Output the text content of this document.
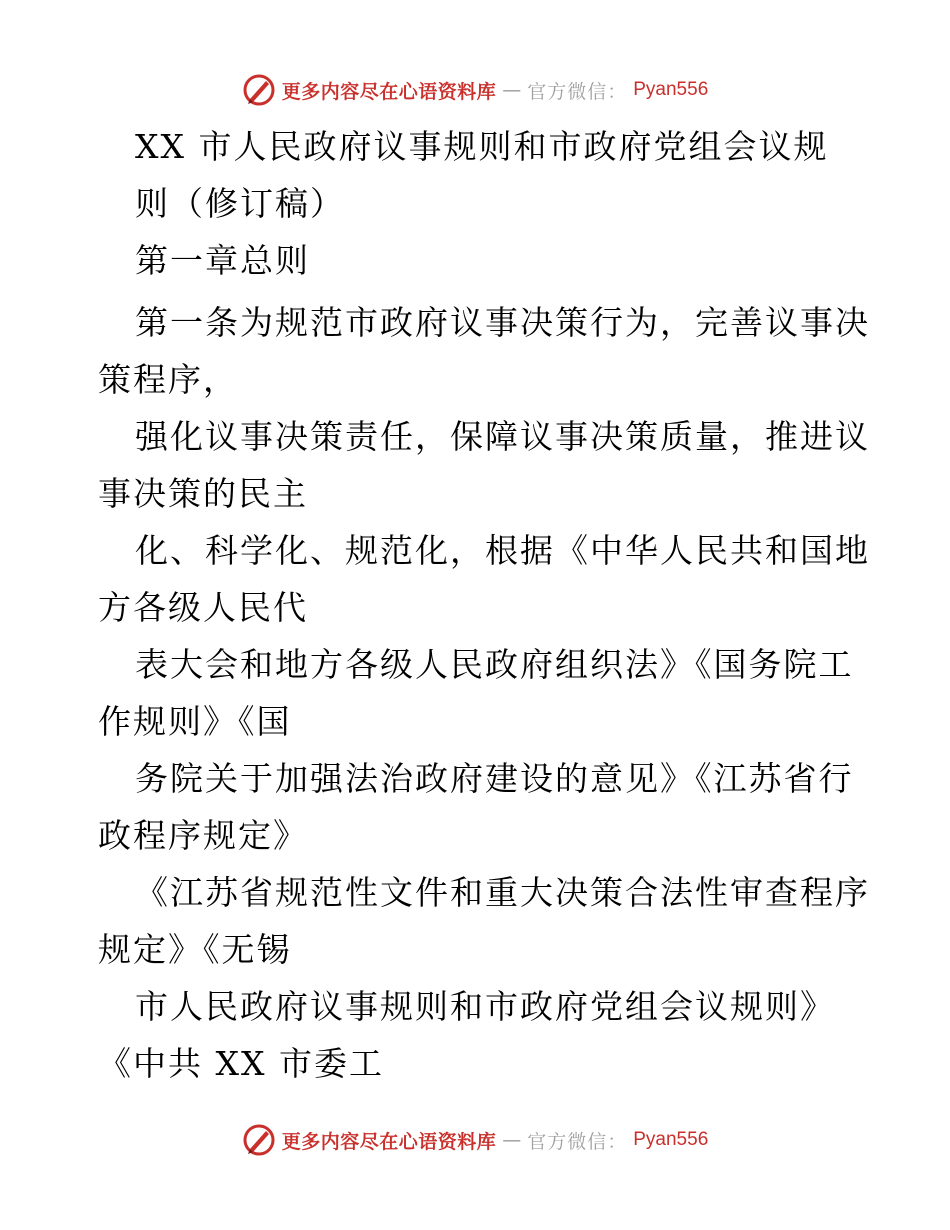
更多内容尽在心语资料库 — 官方微信： Pyan556
XX 市人民政府议事规则和市政府党组会议规
则（修订稿）
第一章总则
第一条为规范市政府议事决策行为，完善议事决
策程序，
强化议事决策责任，保障议事决策质量，推进议
事决策的民主
化、科学化、规范化，根据《中华人民共和国地
方各级人民代
表大会和地方各级人民政府组织法》《国务院工
作规则》《国
务院关于加强法治政府建设的意见》《江苏省行
政程序规定》
《江苏省规范性文件和重大决策合法性审查程序
规定》《无锡
市人民政府议事规则和市政府党组会议规则》
《中共 XX 市委工
更多内容尽在心语资料库 — 官方微信： Pyan556
